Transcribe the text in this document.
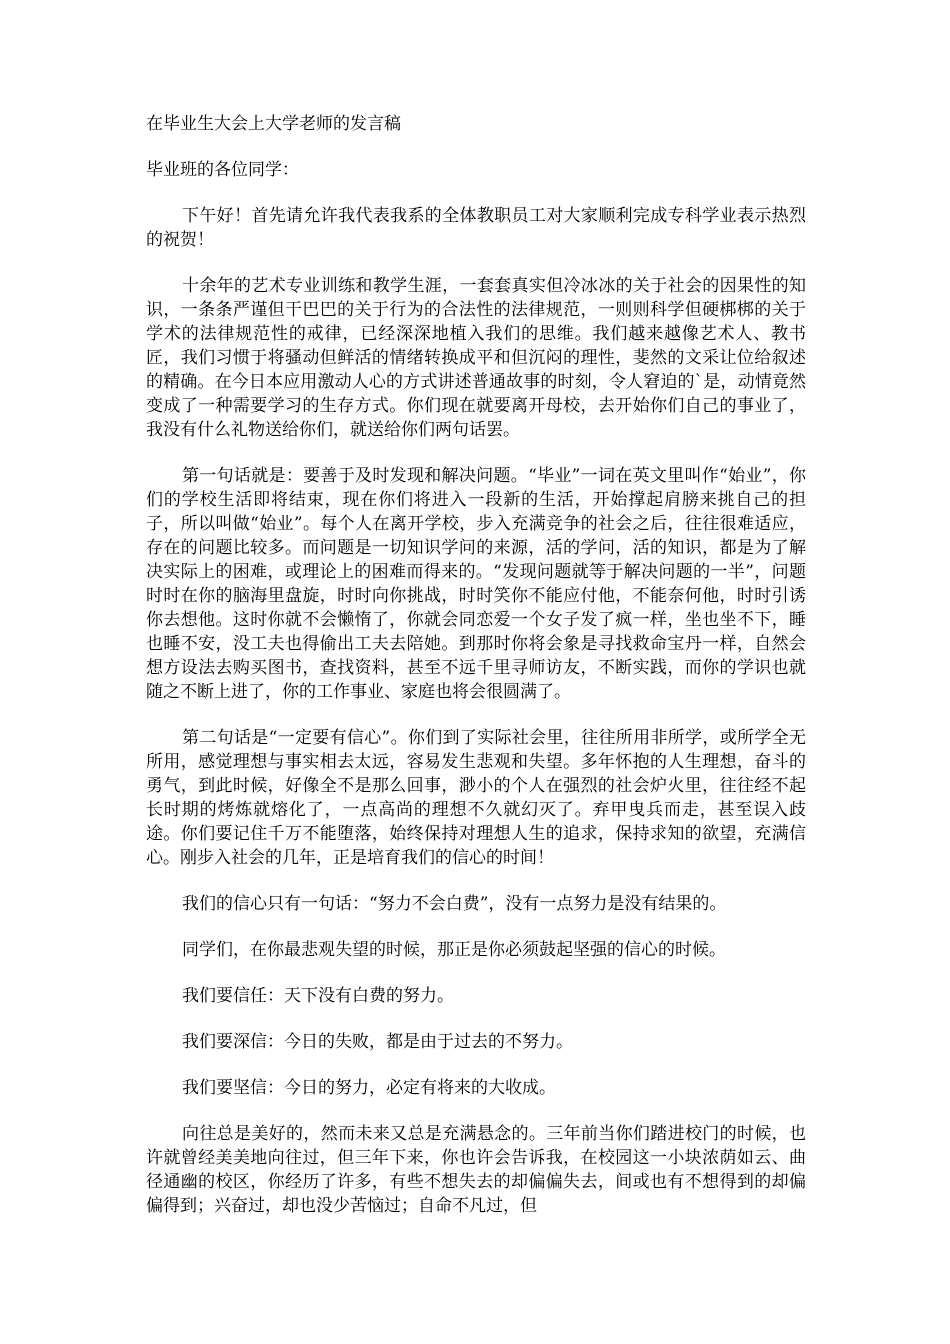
在毕业生大会上大学老师的发言稿
毕业班的各位同学：

下午好！首先请允许我代表我系的全体教职员工对大家顺利完成专科学业表示热烈的祝贺！

十余年的艺术专业训练和教学生涯，一套套真实但冷冰冰的关于社会的因果性的知识，一条条严谨但干巴巴的关于行为的合法性的法律规范，一则则科学但硬梆梆的关于学术的法律规范性的戒律，已经深深地植入我们的思维。我们越来越像艺术人、教书匠，我们习惯于将骚动但鲜活的情绪转换成平和但沉闷的理性，斐然的文采让位给叙述的精确。在今日本应用激动人心的方式讲述普通故事的时刻，令人窘迫的`是，动情竟然变成了一种需要学习的生存方式。你们现在就要离开母校，去开始你们自己的事业了，我没有什么礼物送给你们，就送给你们两句话罢。

第一句话就是：要善于及时发现和解决问题。“毕业”一词在英文里叫作“始业”，你们的学校生活即将结束，现在你们将进入一段新的生活，开始撑起肩膀来挑自己的担子，所以叫做“始业”。每个人在离开学校，步入充满竞争的社会之后，往往很难适应，存在的问题比较多。而问题是一切知识学问的来源，活的学问，活的知识，都是为了解决实际上的困难，或理论上的困难而得来的。“发现问题就等于解决问题的一半”，问题时时在你的脑海里盘旋，时时向你挑战，时时笑你不能应付他，不能奈何他，时时引诱你去想他。这时你就不会懒惰了，你就会同恋爱一个女子发了疯一样，坐也坐不下，睡也睡不安，没工夫也得偷出工夫去陪她。到那时你将会象是寻找救命宝丹一样，自然会想方设法去购买图书，查找资料，甚至不远千里寻师访友，不断实践，而你的学识也就随之不断上进了，你的工作事业、家庭也将会很圆满了。

第二句话是“一定要有信心”。你们到了实际社会里，往往所用非所学，或所学全无所用，感觉理想与事实相去太远，容易发生悲观和失望。多年怀抱的人生理想，奋斗的勇气，到此时候，好像全不是那么回事，渺小的个人在强烈的社会炉火里，往往经不起长时期的烤炼就熔化了，一点高尚的理想不久就幻灭了。弃甲曳兵而走，甚至误入歧途。你们要记住千万不能堕落，始终保持对理想人生的追求，保持求知的欲望，充满信心。刚步入社会的几年，正是培育我们的信心的时间！

我们的信心只有一句话：“努力不会白费”，没有一点努力是没有结果的。

同学们，在你最悲观失望的时候，那正是你必须鼓起坚强的信心的时候。

我们要信任：天下没有白费的努力。

我们要深信：今日的失败，都是由于过去的不努力。

我们要坚信：今日的努力，必定有将来的大收成。

向往总是美好的，然而未来又总是充满悬念的。三年前当你们踏进校门的时候，也许就曾经美美地向往过，但三年下来，你也许会告诉我，在校园这一小块浓荫如云、曲径通幽的校区，你经历了许多，有些不想失去的却偏偏失去，间或也有不想得到的却偏偏得到；兴奋过，却也没少苦恼过；自命不凡过，但
